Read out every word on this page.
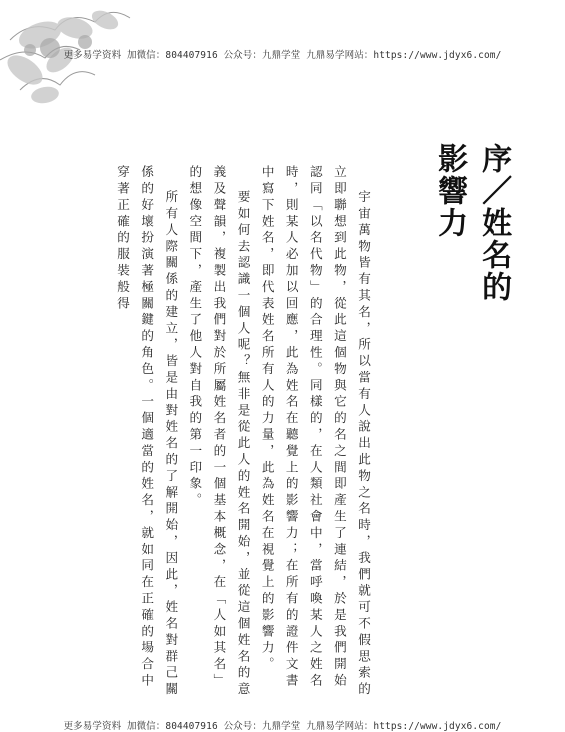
更多易学资料 加微信：804407916 公众号：九鼎学堂 九鼎易学网站：https://www.jdyx6.com/
序／姓名的影響力

宇宙萬物皆有其名，所以當有人說出此物之名時，我們就可不假思索的立即聯想到此物，從此這個物與它的名之間即產生了連結，於是我們開始認同「以名代物」的合理性。同樣的，在人類社會中，當呼喚某人之姓名時，則某人必加以回應，此為姓名在聽覺上的影響力；在所有的證件文書中寫下姓名，即代表姓名所有人的力量，此為姓名在視覺上的影響力。

要如何去認識一個人呢？無非是從此人的姓名開始，並從這個姓名的意義及聲韻，複製出我們對於所屬姓名者的一個基本概念，在「人如其名」的想像空間下，產生了他人對自我的第一印象。

所有人際關係的建立，皆是由對姓名的了解開始，因此，姓名對群己關係的好壞扮演著極關鍵的角色。一個適當的姓名，就如同在正確的場合中穿著正確的服裝般得

更多易学资料 加微信：804407916 公众号：九鼎学堂 九鼎易学网站：https://www.jdyx6.com/
